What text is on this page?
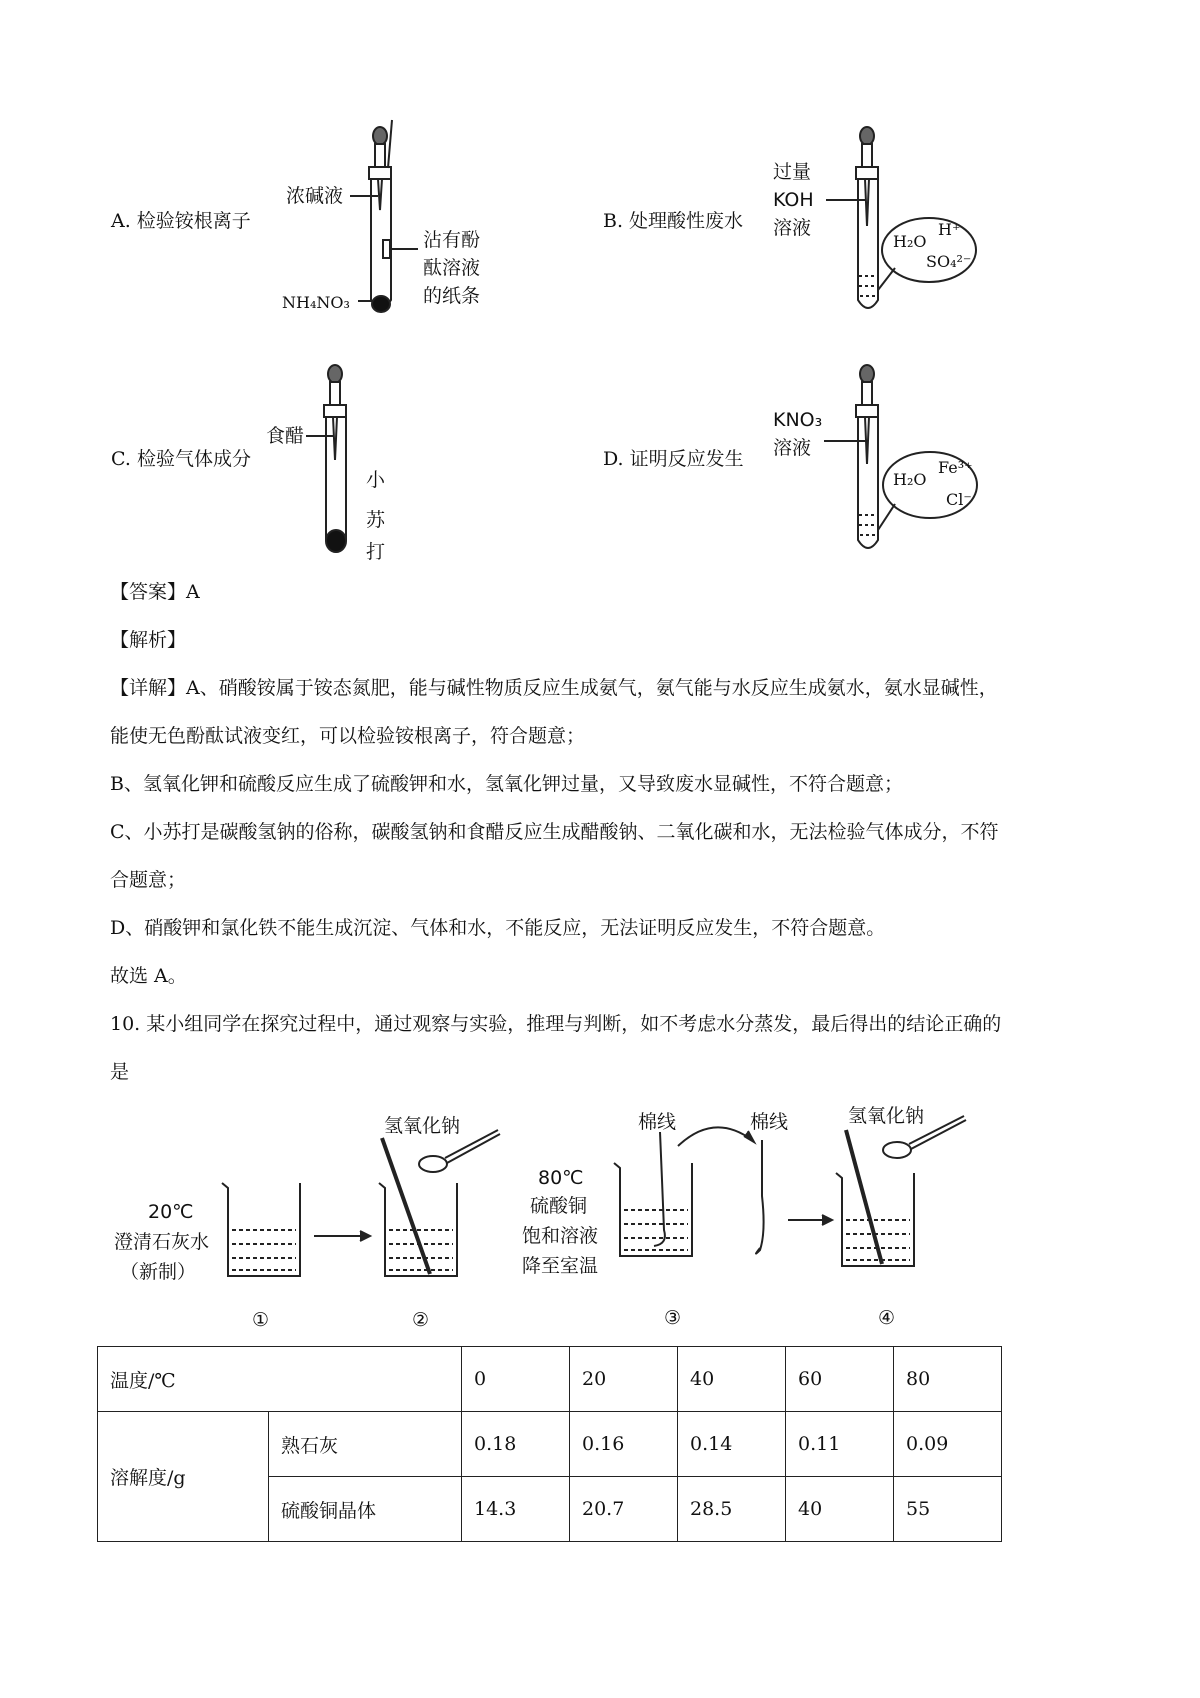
A. 检验铵根离子	B. 处理酸性废水
C. 检验气体成分	D. 证明反应发生
浓碱液
沾有酚
酞溶液
的纸条
NH₄NO₃
过量
KOH
溶液
H₂O
H⁺
SO₄²⁻
食醋
小
苏
打
KNO₃
溶液
H₂O
Fe³⁺
Cl⁻
【答案】A
【解析】
【详解】A、硝酸铵属于铵态氮肥，能与碱性物质反应生成氨气，氨气能与水反应生成氨水，氨水显碱性，
能使无色酚酞试液变红，可以检验铵根离子，符合题意；
B、氢氧化钾和硫酸反应生成了硫酸钾和水，氢氧化钾过量，又导致废水显碱性，不符合题意；
C、小苏打是碳酸氢钠的俗称，碳酸氢钠和食醋反应生成醋酸钠、二氧化碳和水，无法检验气体成分，不符
合题意；
D、硝酸钾和氯化铁不能生成沉淀、气体和水，不能反应，无法证明反应发生，不符合题意。
故选 A。
10. 某小组同学在探究过程中，通过观察与实验，推理与判断，如不考虑水分蒸发，最后得出的结论正确的
是
20℃
澄清石灰水
（新制）
氢氧化钠
80℃
硫酸铜
饱和溶液
降至室温
棉线	棉线	氢氧化钠
①	②	③	④
温度/℃		0	20	40	60	80
溶解度/g	熟石灰	0.18	0.16	0.14	0.11	0.09
	硫酸铜晶体	14.3	20.7	28.5	40	55
